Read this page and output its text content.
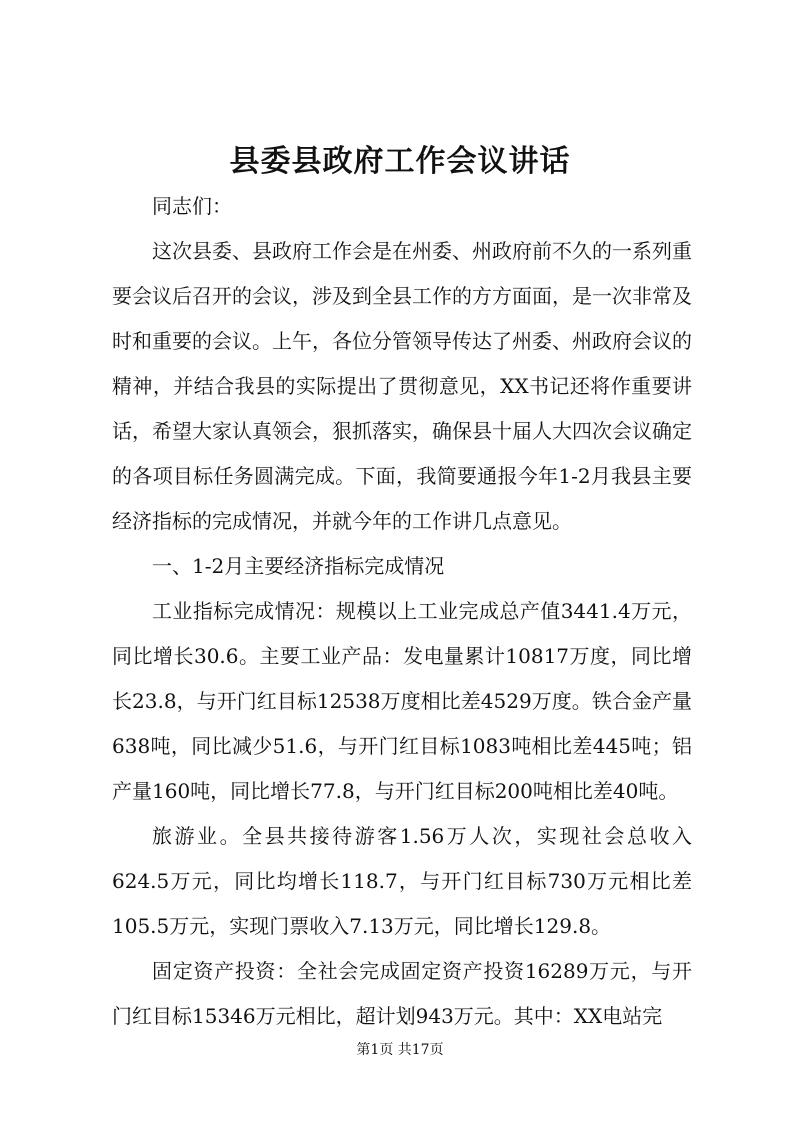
县委县政府工作会议讲话

同志们：

这次县委、县政府工作会是在州委、州政府前不久的一系列重要会议后召开的会议，涉及到全县工作的方方面面，是一次非常及时和重要的会议。上午，各位分管领导传达了州委、州政府会议的精神，并结合我县的实际提出了贯彻意见，XX书记还将作重要讲话，希望大家认真领会，狠抓落实，确保县十届人大四次会议确定的各项目标任务圆满完成。下面，我简要通报今年1-2月我县主要经济指标的完成情况，并就今年的工作讲几点意见。

一、1-2月主要经济指标完成情况

工业指标完成情况：规模以上工业完成总产值3441.4万元，同比增长30.6。主要工业产品：发电量累计10817万度，同比增长23.8，与开门红目标12538万度相比差4529万度。铁合金产量638吨，同比减少51.6，与开门红目标1083吨相比差445吨；铝产量160吨，同比增长77.8，与开门红目标200吨相比差40吨。

旅游业。全县共接待游客1.56万人次，实现社会总收入624.5万元，同比均增长118.7，与开门红目标730万元相比差105.5万元，实现门票收入7.13万元，同比增长129.8。

固定资产投资：全社会完成固定资产投资16289万元，与开门红目标15346万元相比，超计划943万元。其中：XX电站完

第1页 共17页
